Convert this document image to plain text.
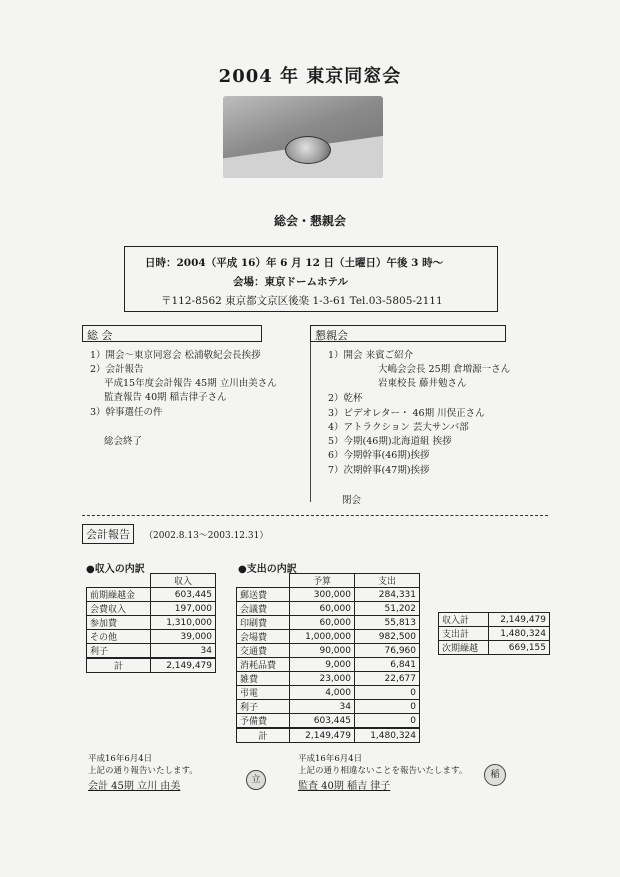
2004 年 東京同窓会
総会・懇親会
日時：2004（平成 16）年 6 月 12 日（土曜日）午後 3 時～
会場：東京ドームホテル
〒112-8562 東京都文京区後楽 1-3-61 Tel.03-5805-2111
総 会
1）開会～東京同窓会 松浦敬紀会長挨拶
2）会計報告
平成15年度会計報告 45期 立川由美さん
監査報告 40期 稲吉律子さん
3）幹事選任の件
総会終了
懇親会
1）開会 来賓ご紹介
大嶋会会長 25期 倉増源一さん
岩東校長 藤井勉さん
2）乾杯
3）ビデオレター・ 46期 川俣正さん
4）アトラクション 芸大サンバ部
5）今期(46期)北海道組 挨拶
6）今期幹事(46期)挨拶
7）次期幹事(47期)挨拶
閉会
会計報告	（2002.8.13～2003.12.31）
●収入の内訳
	収入
前期繰越金	603,445
会費収入	197,000
参加費	1,310,000
その他	39,000
利子	34
計	2,149,479
●支出の内訳
	予算	支出
郵送費	300,000	284,331
会議費	60,000	51,202
印刷費	60,000	55,813
会場費	1,000,000	982,500
交通費	90,000	76,960
消耗品費	9,000	6,841
雑費	23,000	22,677
弔電	4,000	0
利子	34	0
予備費	603,445	0
計	2,149,479	1,480,324
収入計	2,149,479
支出計	1,480,324
次期繰越	669,155
平成16年6月4日
上記の通り報告いたします。
会計 45期 立川 由美
立
平成16年6月4日
上記の通り相違ないことを報告いたします。
監査 40期 稲吉 律子
稲
